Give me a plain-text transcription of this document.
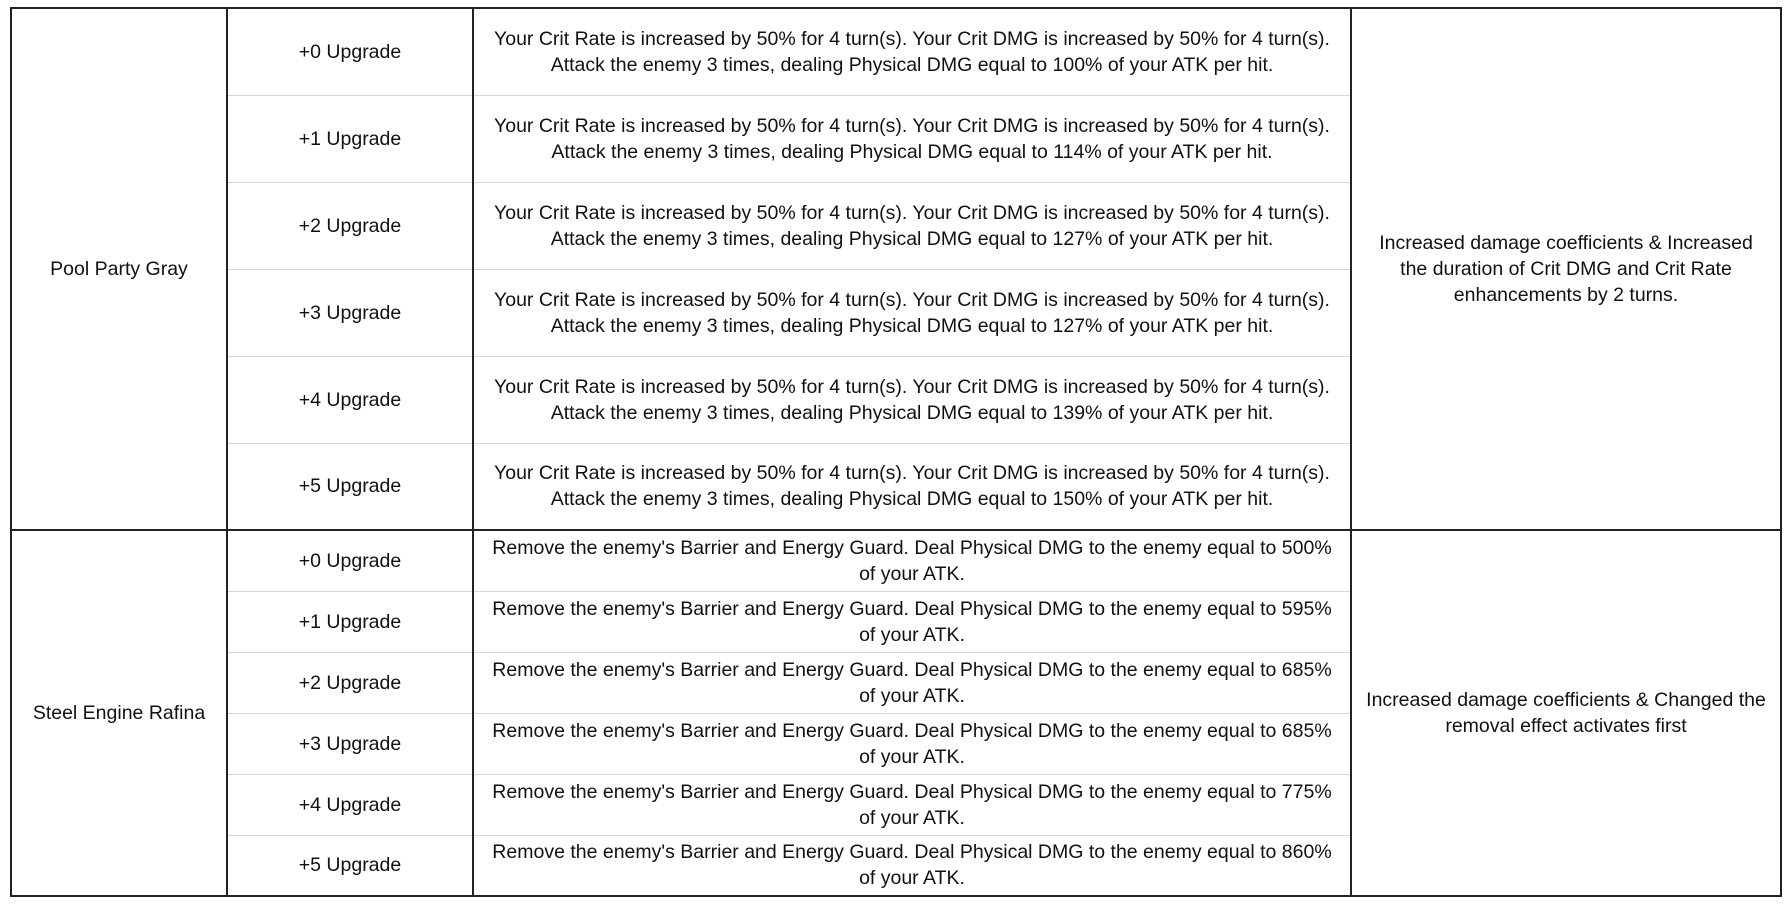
Pool Party Gray	+0 Upgrade	Your Crit Rate is increased by 50% for 4 turn(s). Your Crit DMG is increased by 50% for 4 turn(s). Attack the enemy 3 times, dealing Physical DMG equal to 100% of your ATK per hit.	Increased damage coefficients & Increased the duration of Crit DMG and Crit Rate enhancements by 2 turns.
	+1 Upgrade	Your Crit Rate is increased by 50% for 4 turn(s). Your Crit DMG is increased by 50% for 4 turn(s). Attack the enemy 3 times, dealing Physical DMG equal to 114% of your ATK per hit.	
	+2 Upgrade	Your Crit Rate is increased by 50% for 4 turn(s). Your Crit DMG is increased by 50% for 4 turn(s). Attack the enemy 3 times, dealing Physical DMG equal to 127% of your ATK per hit.	
	+3 Upgrade	Your Crit Rate is increased by 50% for 4 turn(s). Your Crit DMG is increased by 50% for 4 turn(s). Attack the enemy 3 times, dealing Physical DMG equal to 127% of your ATK per hit.	
	+4 Upgrade	Your Crit Rate is increased by 50% for 4 turn(s). Your Crit DMG is increased by 50% for 4 turn(s). Attack the enemy 3 times, dealing Physical DMG equal to 139% of your ATK per hit.	
	+5 Upgrade	Your Crit Rate is increased by 50% for 4 turn(s). Your Crit DMG is increased by 50% for 4 turn(s). Attack the enemy 3 times, dealing Physical DMG equal to 150% of your ATK per hit.	
Steel Engine Rafina	+0 Upgrade	Remove the enemy's Barrier and Energy Guard. Deal Physical DMG to the enemy equal to 500% of your ATK.	Increased damage coefficients & Changed the removal effect activates first
	+1 Upgrade	Remove the enemy's Barrier and Energy Guard. Deal Physical DMG to the enemy equal to 595% of your ATK.	
	+2 Upgrade	Remove the enemy's Barrier and Energy Guard. Deal Physical DMG to the enemy equal to 685% of your ATK.	
	+3 Upgrade	Remove the enemy's Barrier and Energy Guard. Deal Physical DMG to the enemy equal to 685% of your ATK.	
	+4 Upgrade	Remove the enemy's Barrier and Energy Guard. Deal Physical DMG to the enemy equal to 775% of your ATK.	
	+5 Upgrade	Remove the enemy's Barrier and Energy Guard. Deal Physical DMG to the enemy equal to 860% of your ATK.	
